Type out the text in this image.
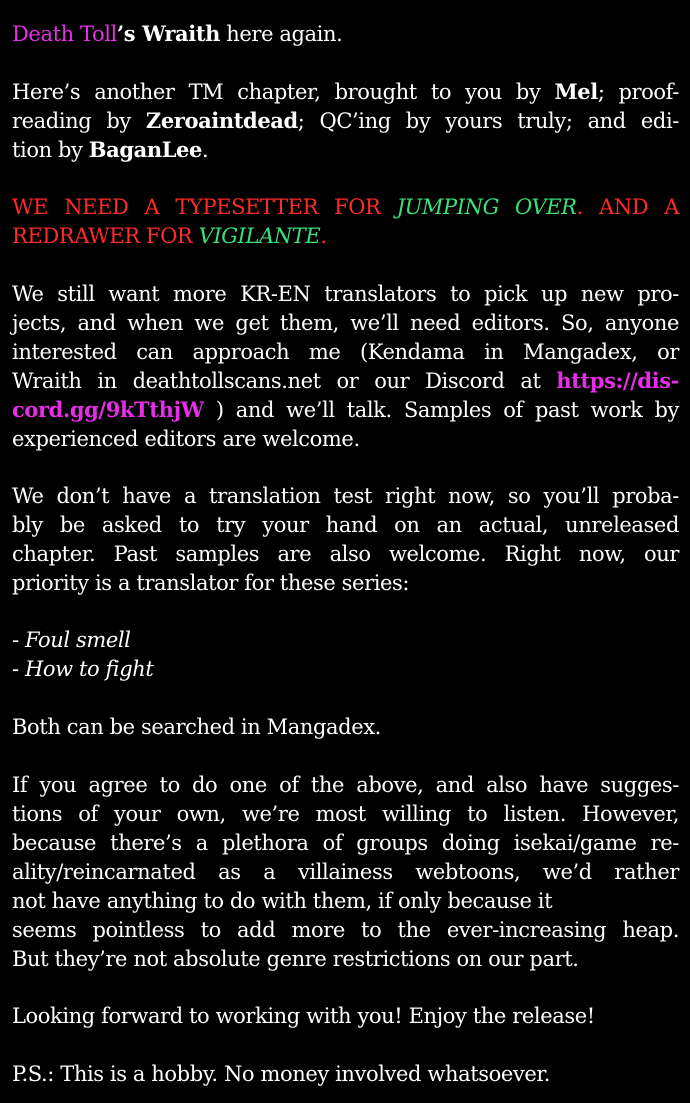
Death Toll’s Wraith here again.

Here’s another TM chapter, brought to you by Mel; proof-

reading by Zeroaintdead; QC’ing by yours truly; and edi-

tion by BaganLee.

WE NEED A TYPESETTER FOR JUMPING OVER. AND A

REDRAWER FOR VIGILANTE.

We still want more KR-EN translators to pick up new pro-

jects, and when we get them, we’ll need editors. So, anyone

interested can approach me (Kendama in Mangadex, or

Wraith in deathtollscans.net or our Discord at https://dis-

cord.gg/9kTthjW ) and we’ll talk. Samples of past work by

experienced editors are welcome.

We don’t have a translation test right now, so you’ll proba-

bly be asked to try your hand on an actual, unreleased

chapter. Past samples are also welcome. Right now, our

priority is a translator for these series:

- Foul smell

- How to fight

Both can be searched in Mangadex.

If you agree to do one of the above, and also have sugges-

tions of your own, we’re most willing to listen. However,

because there’s a plethora of groups doing isekai/game re-

ality/reincarnated as a villainess webtoons, we’d rather

not have anything to do with them, if only because it

seems pointless to add more to the ever-increasing heap.

But they’re not absolute genre restrictions on our part.

Looking forward to working with you! Enjoy the release!

P.S.: This is a hobby. No money involved whatsoever.
